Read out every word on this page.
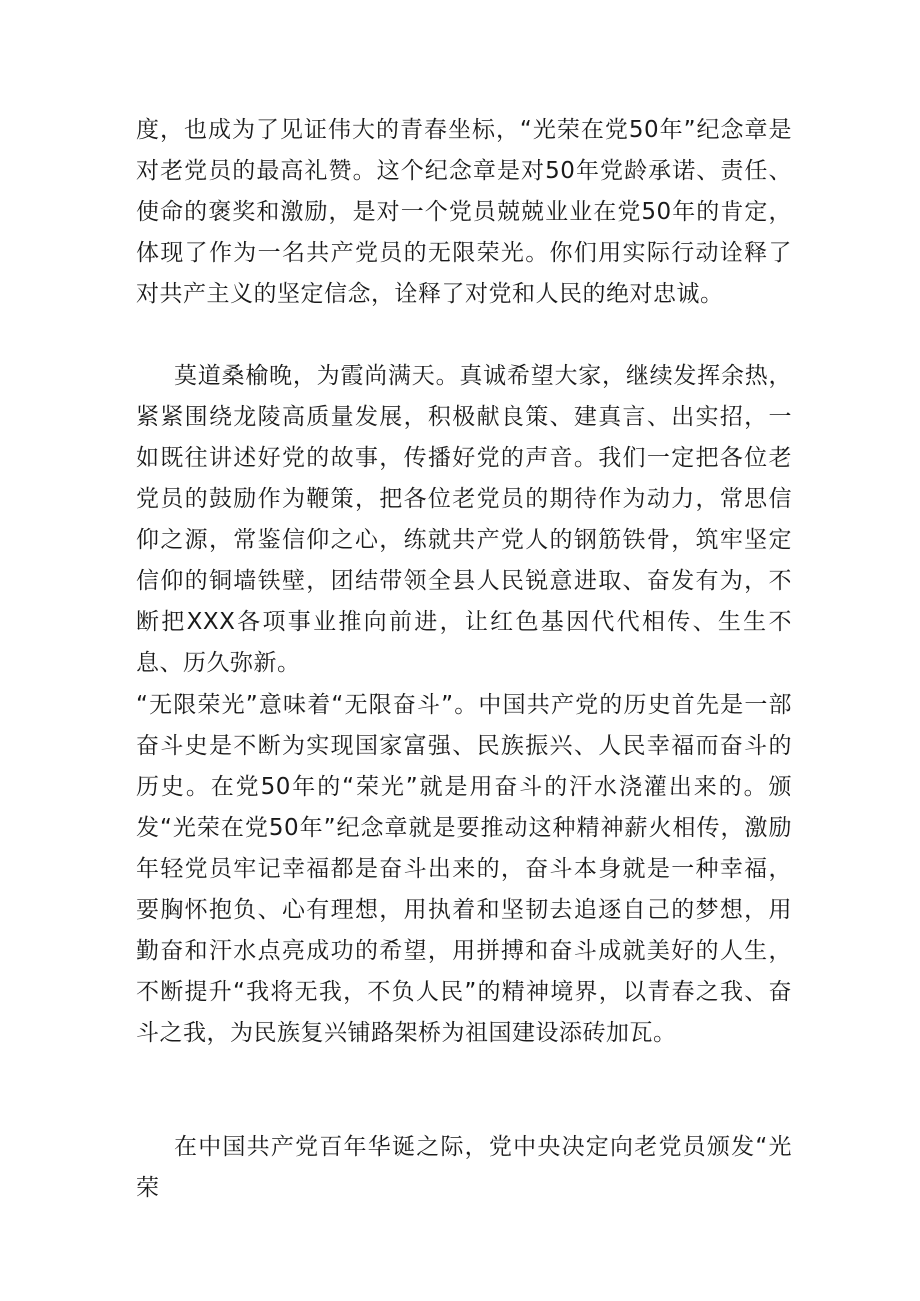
度，也成为了见证伟大的青春坐标，“光荣在党50年”纪念章是对老党员的最高礼赞。这个纪念章是对50年党龄承诺、责任、使命的褒奖和激励，是对一个党员兢兢业业在党50年的肯定，体现了作为一名共产党员的无限荣光。你们用实际行动诠释了对共产主义的坚定信念，诠释了对党和人民的绝对忠诚。

莫道桑榆晚，为霞尚满天。真诚希望大家，继续发挥余热，紧紧围绕龙陵高质量发展，积极献良策、建真言、出实招，一如既往讲述好党的故事，传播好党的声音。我们一定把各位老党员的鼓励作为鞭策，把各位老党员的期待作为动力，常思信仰之源，常鉴信仰之心，练就共产党人的钢筋铁骨，筑牢坚定信仰的铜墙铁壁，团结带领全县人民锐意进取、奋发有为，不断把XXX各项事业推向前进，让红色基因代代相传、生生不息、历久弥新。

“无限荣光”意味着“无限奋斗”。中国共产党的历史首先是一部奋斗史是不断为实现国家富强、民族振兴、人民幸福而奋斗的历史。在党50年的“荣光”就是用奋斗的汗水浇灌出来的。颁发“光荣在党50年”纪念章就是要推动这种精神薪火相传，激励年轻党员牢记幸福都是奋斗出来的，奋斗本身就是一种幸福，要胸怀抱负、心有理想，用执着和坚韧去追逐自己的梦想，用勤奋和汗水点亮成功的希望，用拼搏和奋斗成就美好的人生，不断提升“我将无我，不负人民”的精神境界，以青春之我、奋斗之我，为民族复兴铺路架桥为祖国建设添砖加瓦。

在中国共产党百年华诞之际，党中央决定向老党员颁发“光荣
